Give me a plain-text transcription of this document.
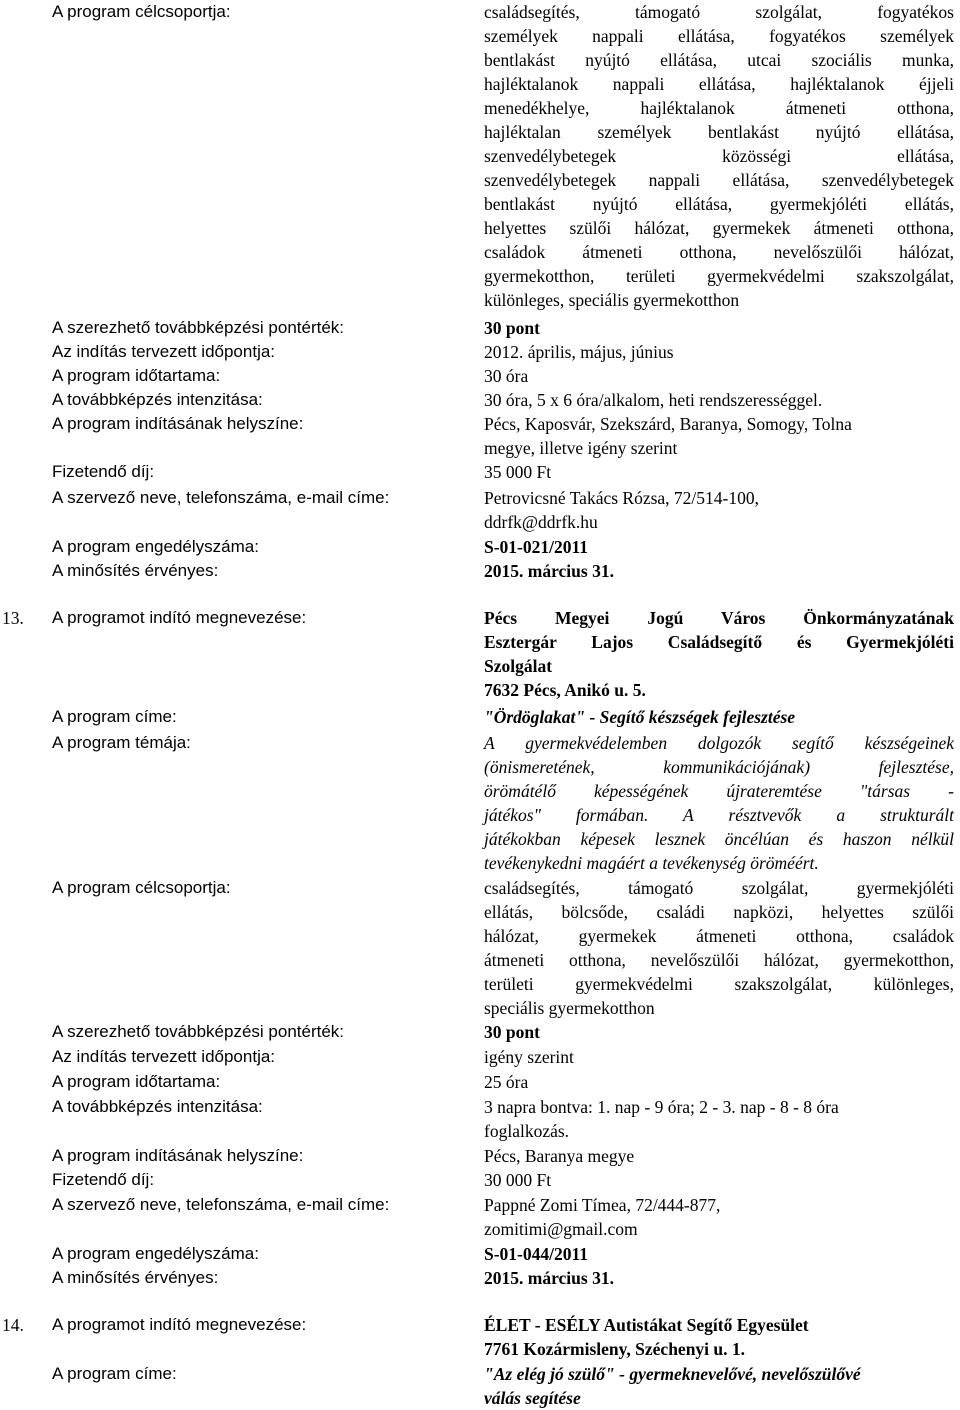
A program célcsoportja:	családsegítés, támogató szolgálat, fogyatékos
személyek nappali ellátása, fogyatékos személyek
bentlakást nyújtó ellátása, utcai szociális munka,
hajléktalanok nappali ellátása, hajléktalanok éjjeli
menedékhelye, hajléktalanok átmeneti otthona,
hajléktalan személyek bentlakást nyújtó ellátása,
szenvedélybetegek közösségi ellátása,
szenvedélybetegek nappali ellátása, szenvedélybetegek
bentlakást nyújtó ellátása, gyermekjóléti ellátás,
helyettes szülői hálózat, gyermekek átmeneti otthona,
családok átmeneti otthona, nevelőszülői hálózat,
gyermekotthon, területi gyermekvédelmi szakszolgálat,
különleges, speciális gyermekotthon
A szerezhető továbbképzési pontérték:	30 pont
Az indítás tervezett időpontja:	2012. április, május, június
A program időtartama:	30 óra
A továbbképzés intenzitása:	30 óra, 5 x 6 óra/alkalom, heti rendszerességgel.
A program indításának helyszíne:	Pécs, Kaposvár, Szekszárd, Baranya, Somogy, Tolna
megye, illetve igény szerint
Fizetendő díj:	35 000 Ft
A szervező neve, telefonszáma, e-mail címe:	Petrovicsné Takács Rózsa, 72/514-100,
ddrfk@ddrfk.hu
A program engedélyszáma:	S-01-021/2011
A minősítés érvényes:	2015. március 31.
13. A programot indító megnevezése:	Pécs Megyei Jogú Város Önkormányzatának
Esztergár Lajos Családsegítő és Gyermekjóléti
Szolgálat
7632 Pécs, Anikó u. 5.
A program címe:	"Ördöglakat" - Segítő készségek fejlesztése
A program témája:	A gyermekvédelemben dolgozók segítő készségeinek
(önismeretének, kommunikációjának) fejlesztése,
örömátélő képességének újrateremtése "társas -
játékos" formában. A résztvevők a strukturált
játékokban képesek lesznek öncélúan és haszon nélkül
tevékenykedni magáért a tevékenység öröméért.
A program célcsoportja:	családsegítés, támogató szolgálat, gyermekjóléti
ellátás, bölcsőde, családi napközi, helyettes szülői
hálózat, gyermekek átmeneti otthona, családok
átmeneti otthona, nevelőszülői hálózat, gyermekotthon,
területi gyermekvédelmi szakszolgálat, különleges,
speciális gyermekotthon
A szerezhető továbbképzési pontérték:	30 pont
Az indítás tervezett időpontja:	igény szerint
A program időtartama:	25 óra
A továbbképzés intenzitása:	3 napra bontva: 1. nap - 9 óra; 2 - 3. nap - 8 - 8 óra
foglalkozás.
A program indításának helyszíne:	Pécs, Baranya megye
Fizetendő díj:	30 000 Ft
A szervező neve, telefonszáma, e-mail címe:	Pappné Zomi Tímea, 72/444-877,
zomitimi@gmail.com
A program engedélyszáma:	S-01-044/2011
A minősítés érvényes:	2015. március 31.
14. A programot indító megnevezése:	ÉLET - ESÉLY Autistákat Segítő Egyesület
7761 Kozármisleny, Széchenyi u. 1.
A program címe:	"Az elég jó szülő" - gyermeknevelővé, nevelőszülővé
válás segítése
